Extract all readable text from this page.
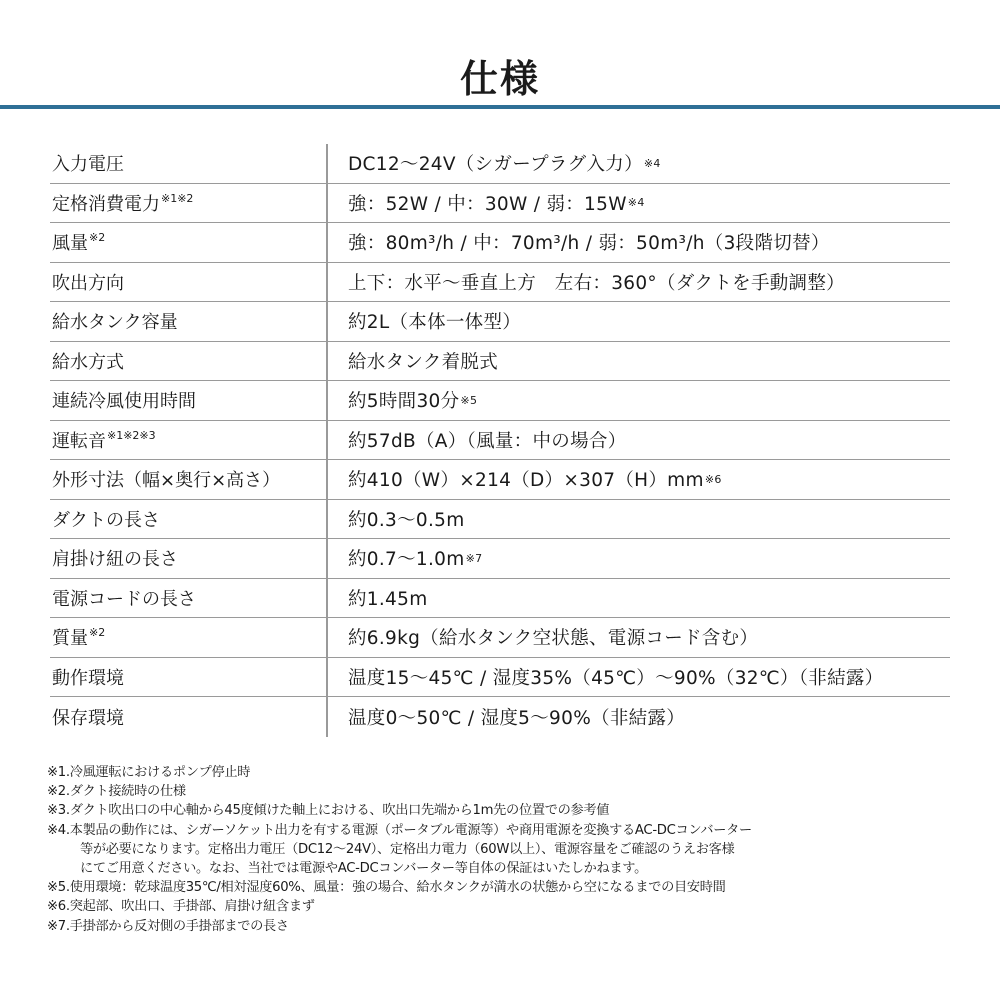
仕様
入力電圧	DC12～24V（シガープラグ入力） ※4
定格消費電力$^{※1※2}$	強：52W / 中：30W / 弱：15W ※4
風量$^{※2}$	強：80m³/h / 中：70m³/h / 弱：50m³/h（3段階切替）
吹出方向	上下：水平～垂直上方　左右：360°（ダクトを手動調整）
給水タンク容量	約2L（本体一体型）
給水方式	給水タンク着脱式
連続冷風使用時間	約5時間30分 ※5
運転音$^{※1※2※3}$	約57dB（A）（風量：中の場合）
外形寸法（幅×奥行×高さ）	約410（W）×214（D）×307（H）mm ※6
ダクトの長さ	約0.3～0.5m
肩掛け紐の長さ	約0.7～1.0m ※7
電源コードの長さ	約1.45m
質量$^{※2}$	約6.9kg（給水タンク空状態、電源コード含む）
動作環境	温度15～45℃ / 湿度35%（45℃）～90%（32℃）（非結露）
保存環境	温度0～50℃ / 湿度5～90%（非結露）
※1.冷風運転におけるポンプ停止時
※2.ダクト接続時の仕様
※3.ダクト吹出口の中心軸から45度傾けた軸上における、吹出口先端から1m先の位置での参考値
※4.本製品の動作には、シガーソケット出力を有する電源（ポータブル電源等）や商用電源を変換するAC-DCコンバーター
等が必要になります。定格出力電圧（DC12～24V）、定格出力電力（60W以上）、電源容量をご確認のうえお客様
にてご用意ください。なお、当社では電源やAC-DCコンバーター等自体の保証はいたしかねます。
※5.使用環境：乾球温度35℃/相対湿度60%、風量：強の場合、給水タンクが満水の状態から空になるまでの目安時間
※6.突起部、吹出口、手掛部、肩掛け紐含まず
※7.手掛部から反対側の手掛部までの長さ
